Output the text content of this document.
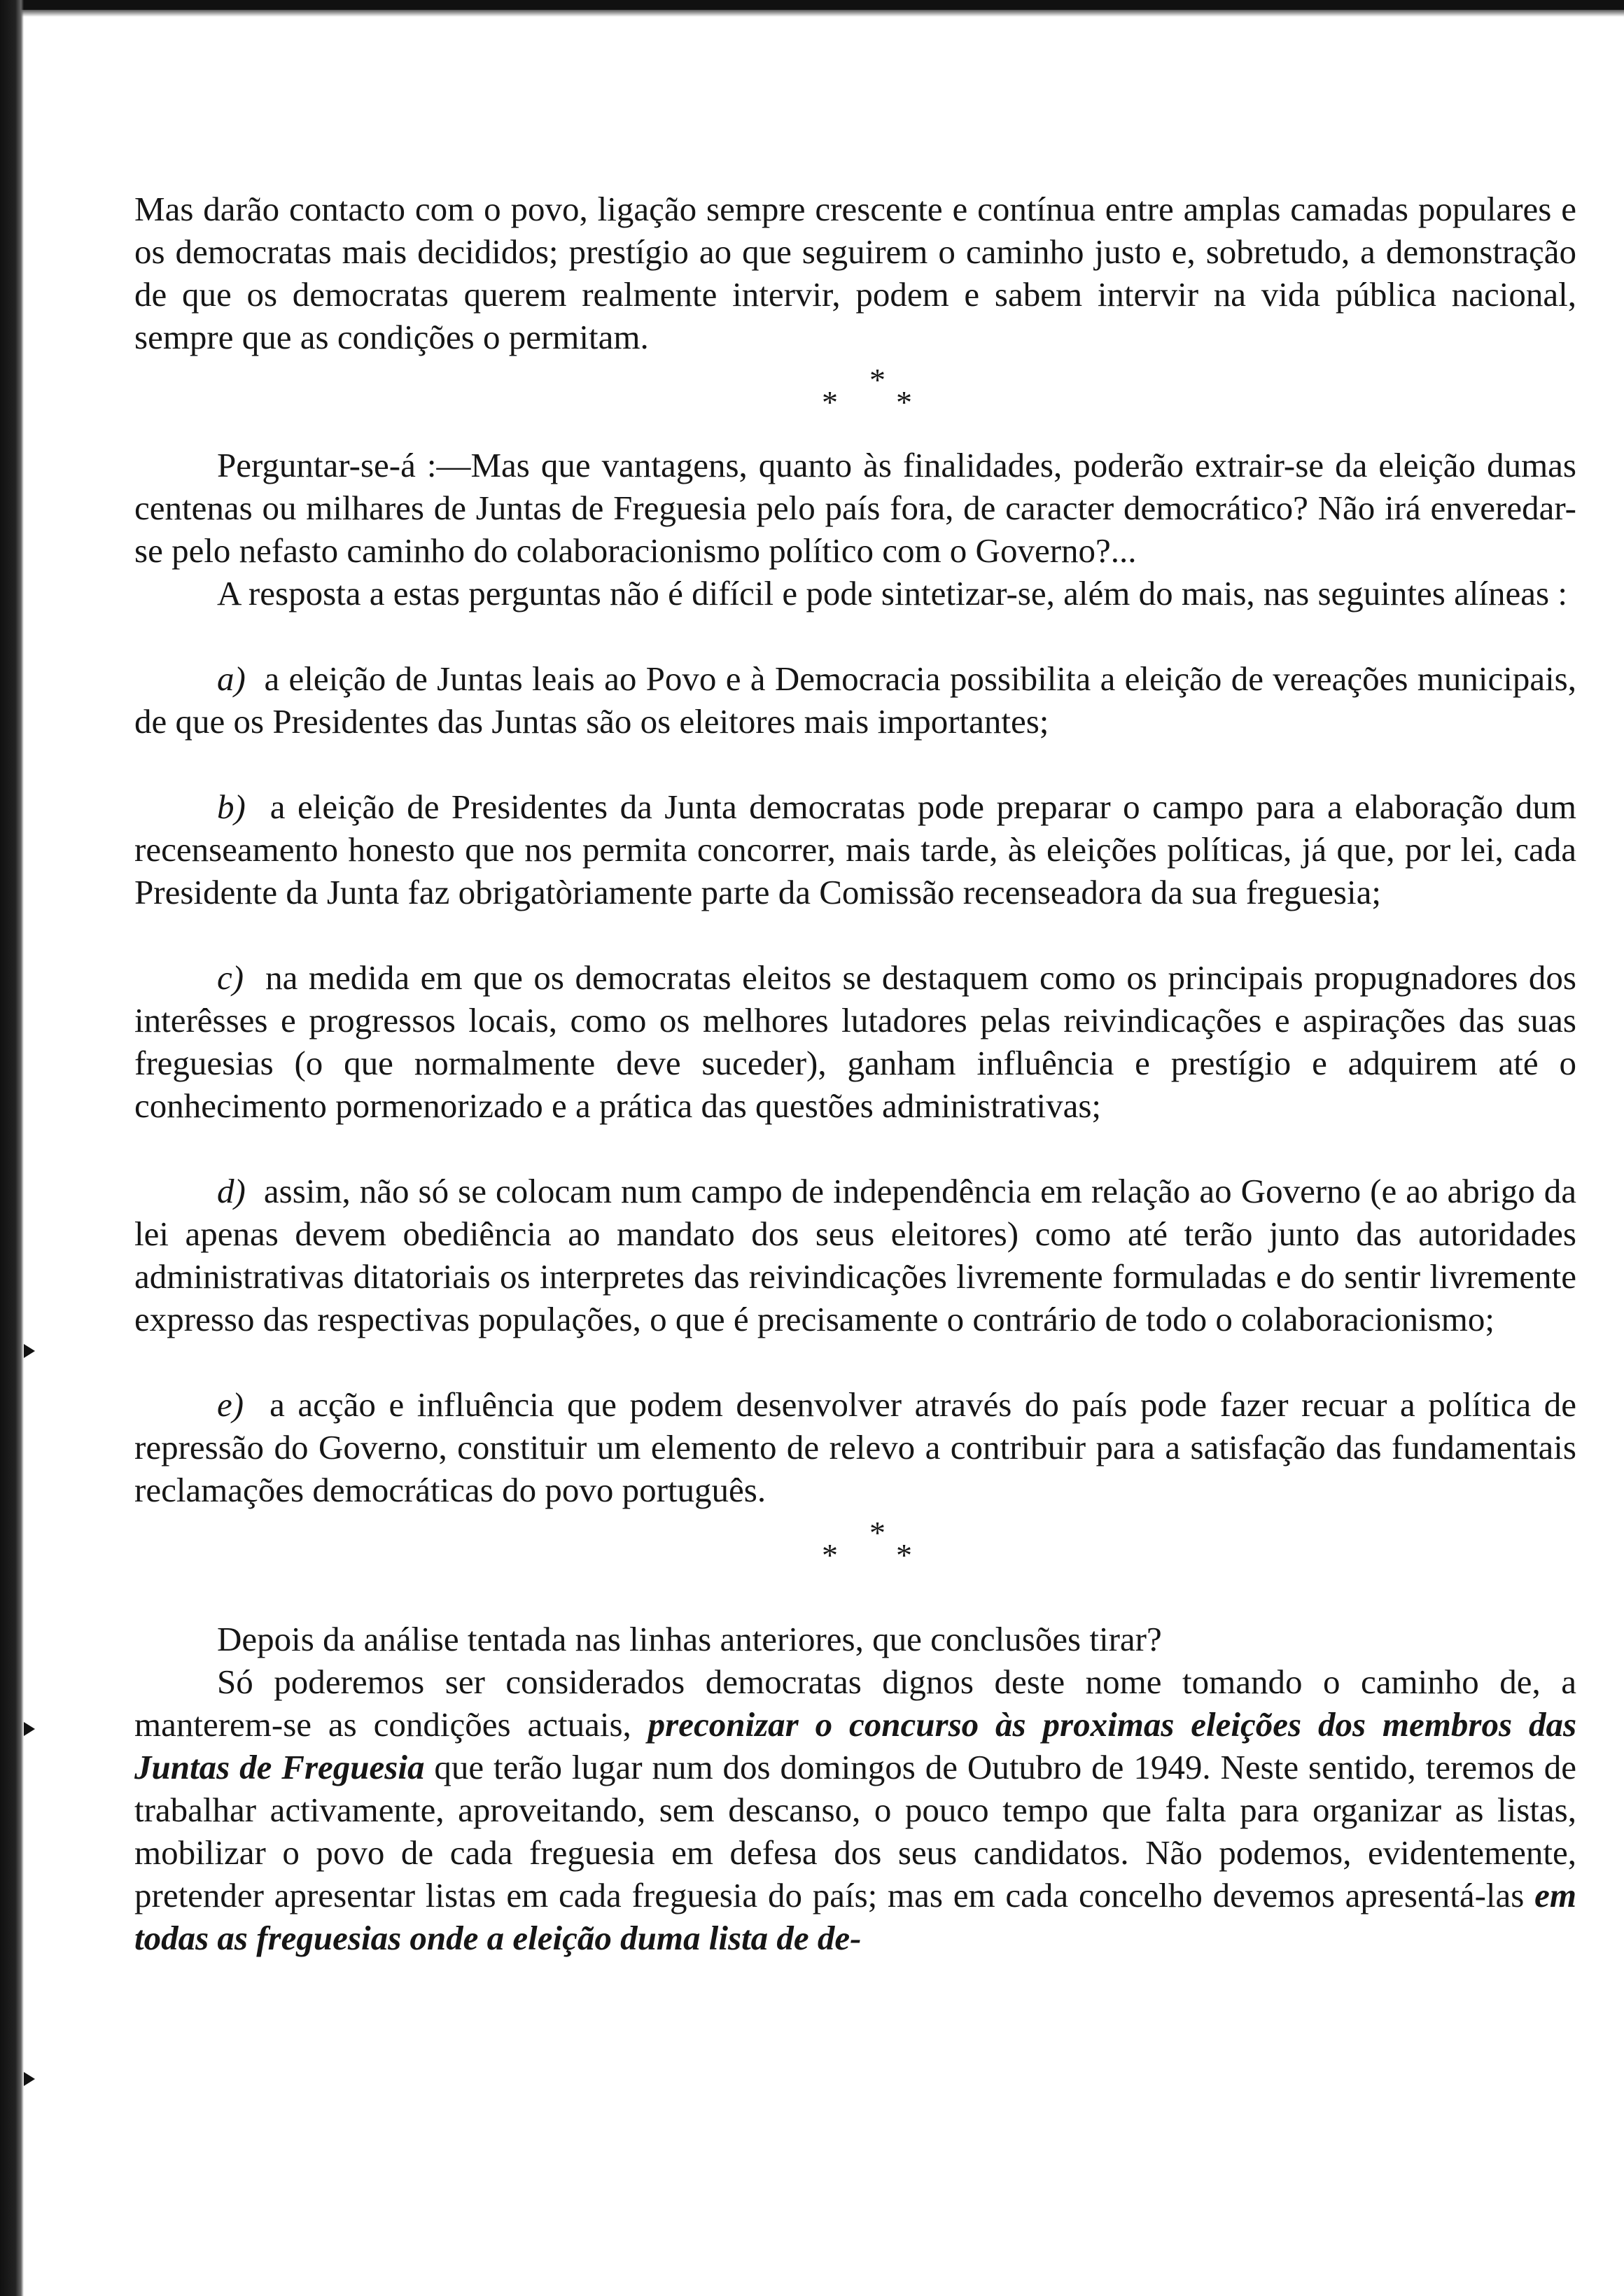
Mas darão contacto com o povo, ligação sempre crescente e contínua entre amplas camadas populares e os democratas mais decididos; prestígio ao que seguirem o caminho justo e, sobretudo, a demonstração de que os democratas querem realmente intervir, podem e sabem intervir na vida pública nacional, sempre que as condições o permitam.

*
* *

Perguntar-se-á :—Mas que vantagens, quanto às finalidades, poderão extrair-se da eleição dumas centenas ou milhares de Juntas de Freguesia pelo país fora, de caracter democrático? Não irá enveredar-se pelo nefasto caminho do colaboracionismo político com o Governo?...

A resposta a estas perguntas não é difícil e pode sintetizar-se, além do mais, nas seguintes alíneas :

a) a eleição de Juntas leais ao Povo e à Democracia possibilita a eleição de vereações municipais, de que os Presidentes das Juntas são os eleitores mais importantes;

b) a eleição de Presidentes da Junta democratas pode preparar o campo para a elaboração dum recenseamento honesto que nos permita concorrer, mais tarde, às eleições políticas, já que, por lei, cada Presidente da Junta faz obrigatòriamente parte da Comissão recenseadora da sua freguesia;

c) na medida em que os democratas eleitos se destaquem como os principais propugnadores dos interêsses e progressos locais, como os melhores lutadores pelas reivindicações e aspirações das suas freguesias (o que normalmente deve suceder), ganham influência e prestígio e adquirem até o conhecimento pormenorizado e a prática das questões administrativas;

d) assim, não só se colocam num campo de independência em relação ao Governo (e ao abrigo da lei apenas devem obediência ao mandato dos seus eleitores) como até terão junto das autoridades administrativas ditatoriais os interpretes das reivindicações livremente formuladas e do sentir livremente expresso das respectivas populações, o que é precisamente o contrário de todo o colaboracionismo;

e) a acção e influência que podem desenvolver através do país pode fazer recuar a política de repressão do Governo, constituir um elemento de relevo a contribuir para a satisfação das fundamentais reclamações democráticas do povo português.

*
* *

Depois da análise tentada nas linhas anteriores, que conclusões tirar?

Só poderemos ser considerados democratas dignos deste nome tomando o caminho de, a manterem-se as condições actuais, preconizar o concurso às proximas eleições dos membros das Juntas de Freguesia que terão lugar num dos domingos de Outubro de 1949. Neste sentido, teremos de trabalhar activamente, aproveitando, sem descanso, o pouco tempo que falta para organizar as listas, mobilizar o povo de cada freguesia em defesa dos seus candidatos. Não podemos, evidentemente, pretender apresentar listas em cada freguesia do país; mas em cada concelho devemos apresentá-las em todas as freguesias onde a eleição duma lista de de-
